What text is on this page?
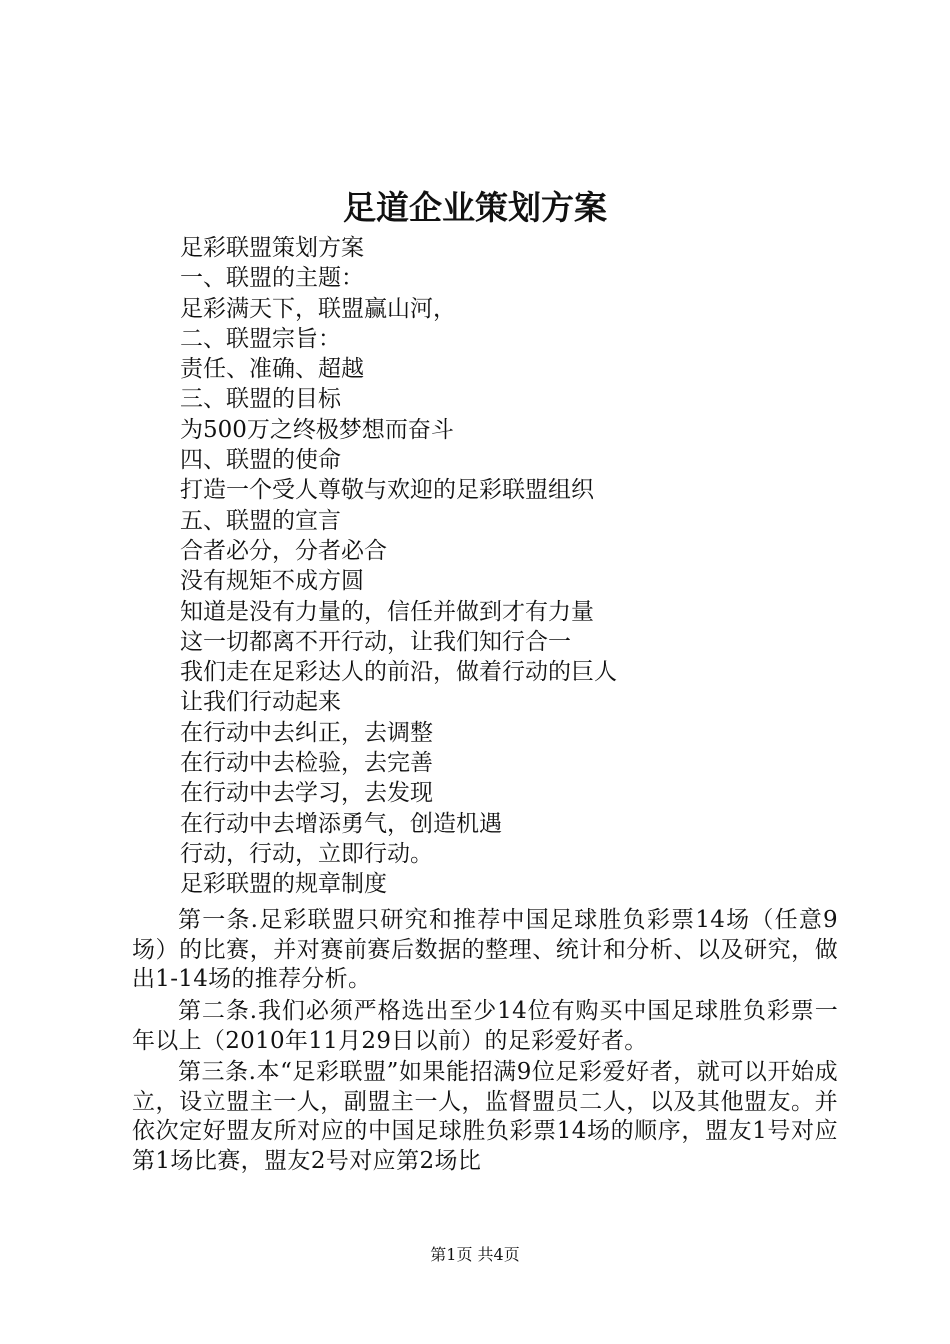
足道企业策划方案
足彩联盟策划方案
一、联盟的主题：
足彩满天下，联盟赢山河，
二、联盟宗旨：
责任、准确、超越
三、联盟的目标
为500万之终极梦想而奋斗
四、联盟的使命
打造一个受人尊敬与欢迎的足彩联盟组织
五、联盟的宣言
合者必分，分者必合
没有规矩不成方圆
知道是没有力量的，信任并做到才有力量
这一切都离不开行动，让我们知行合一
我们走在足彩达人的前沿，做着行动的巨人
让我们行动起来
在行动中去纠正，去调整
在行动中去检验，去完善
在行动中去学习，去发现
在行动中去增添勇气，创造机遇
行动，行动，立即行动。
足彩联盟的规章制度
第一条.足彩联盟只研究和推荐中国足球胜负彩票14场（任意9场）的比赛，并对赛前赛后数据的整理、统计和分析、以及研究，做出1-14场的推荐分析。
第二条.我们必须严格选出至少14位有购买中国足球胜负彩票一年以上（2010年11月29日以前）的足彩爱好者。
第三条.本“足彩联盟”如果能招满9位足彩爱好者，就可以开始成立，设立盟主一人，副盟主一人，监督盟员二人，以及其他盟友。并依次定好盟友所对应的中国足球胜负彩票14场的顺序，盟友1号对应第1场比赛，盟友2号对应第2场比
第1页 共4页
